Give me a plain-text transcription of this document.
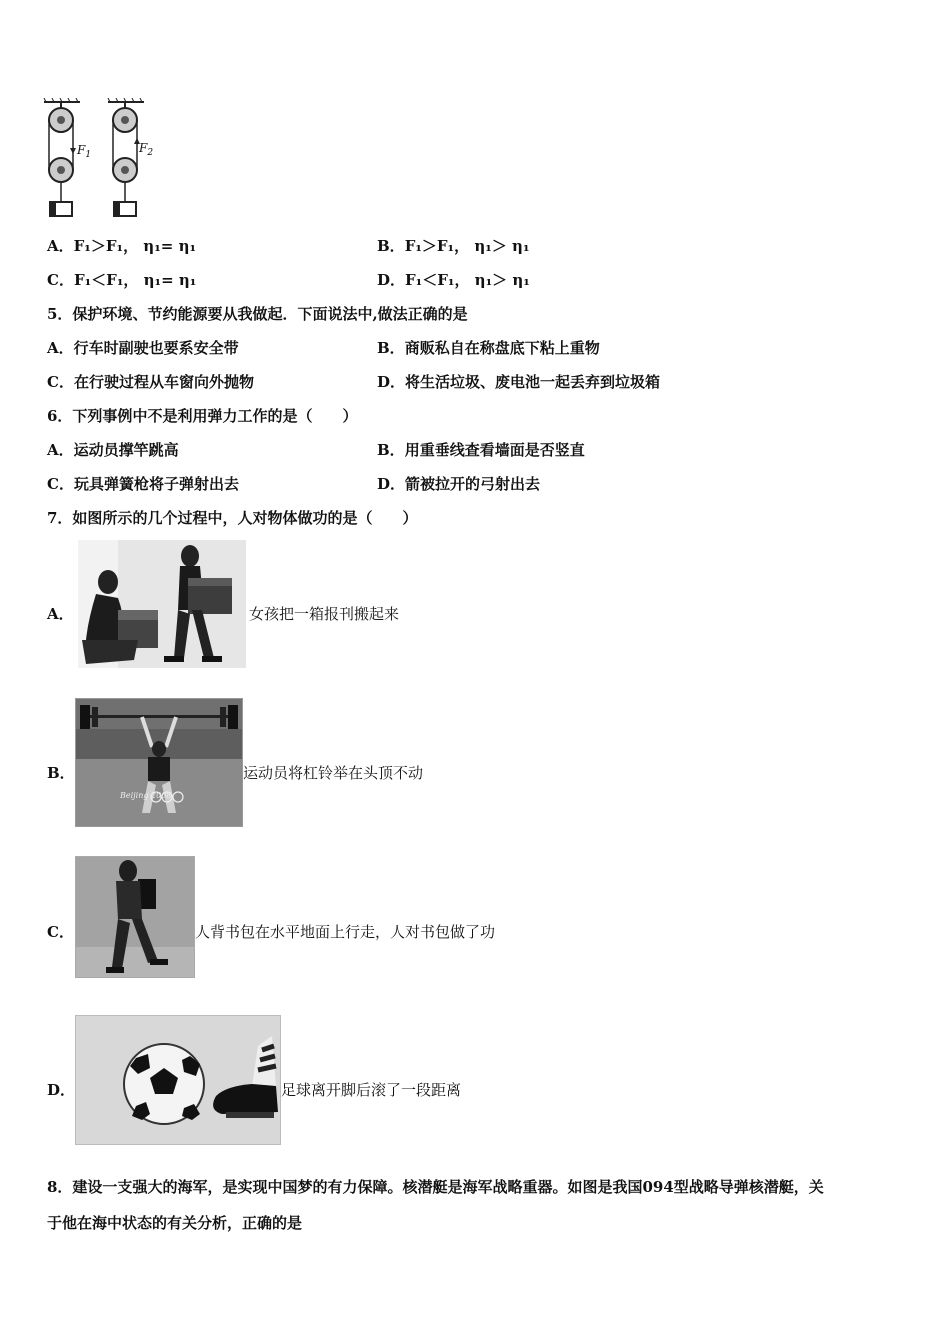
$F_1$	$F_2$
A．F₁＞F₁， η₁= η₁	B．F₁＞F₁， η₁＞ η₁
C．F₁＜F₁， η₁= η₁	D．F₁＜F₁， η₁＞ η₁
5．保护环境、节约能源要从我做起．下面说法中,做法正确的是
A．行车时副驶也要系安全带	B．商贩私自在称盘底下粘上重物
C．在行驶过程从车窗向外抛物	D．将生活垃圾、废电池一起丢弃到垃圾箱
6．下列事例中不是利用弹力工作的是（　　）
A．运动员撑竿跳高	B．用重垂线查看墙面是否竖直
C．玩具弹簧枪将子弹射出去	D．箭被拉开的弓射出去
7．如图所示的几个过程中，人对物体做功的是（　　）
A．	女孩把一箱报刊搬起来
B．
Beijing 2008
运动员将杠铃举在头顶不动
C．	人背书包在水平地面上行走，人对书包做了功
D．	足球离开脚后滚了一段距离
8．建设一支强大的海军，是实现中国梦的有力保障。核潜艇是海军战略重器。如图是我国094型战略导弹核潜艇，关
于他在海中状态的有关分析，正确的是
